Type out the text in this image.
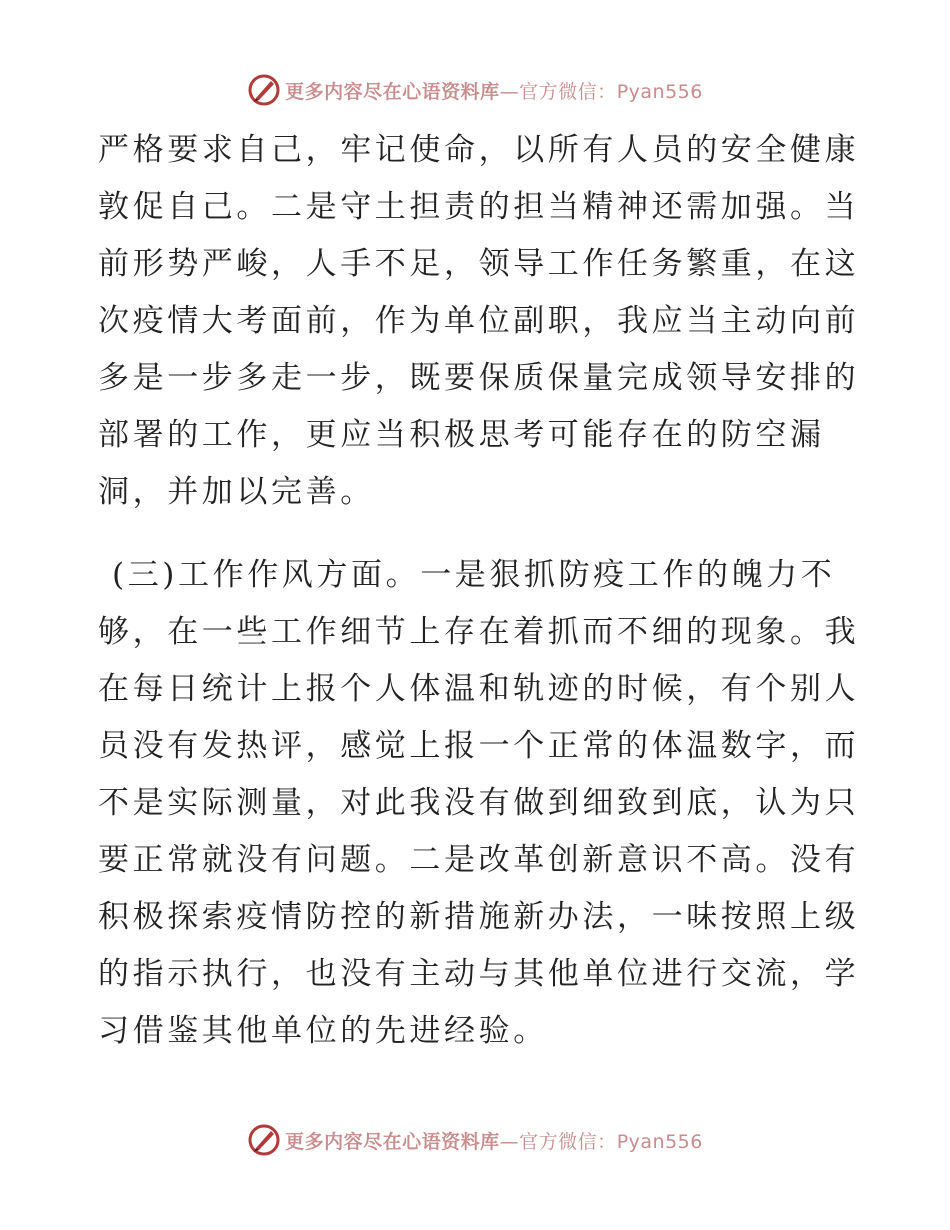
更多内容尽在心语资料库—官方微信：Pyan556
严格要求自己，牢记使命，以所有人员的安全健康
敦促自己。二是守土担责的担当精神还需加强。当
前形势严峻，人手不足，领导工作任务繁重，在这
次疫情大考面前，作为单位副职，我应当主动向前
多是一步多走一步，既要保质保量完成领导安排的
部署的工作，更应当积极思考可能存在的防空漏
洞，并加以完善。
(三)工作作风方面。一是狠抓防疫工作的魄力不
够，在一些工作细节上存在着抓而不细的现象。我
在每日统计上报个人体温和轨迹的时候，有个别人
员没有发热评，感觉上报一个正常的体温数字，而
不是实际测量，对此我没有做到细致到底，认为只
要正常就没有问题。二是改革创新意识不高。没有
积极探索疫情防控的新措施新办法，一味按照上级
的指示执行，也没有主动与其他单位进行交流，学
习借鉴其他单位的先进经验。
更多内容尽在心语资料库—官方微信：Pyan556
